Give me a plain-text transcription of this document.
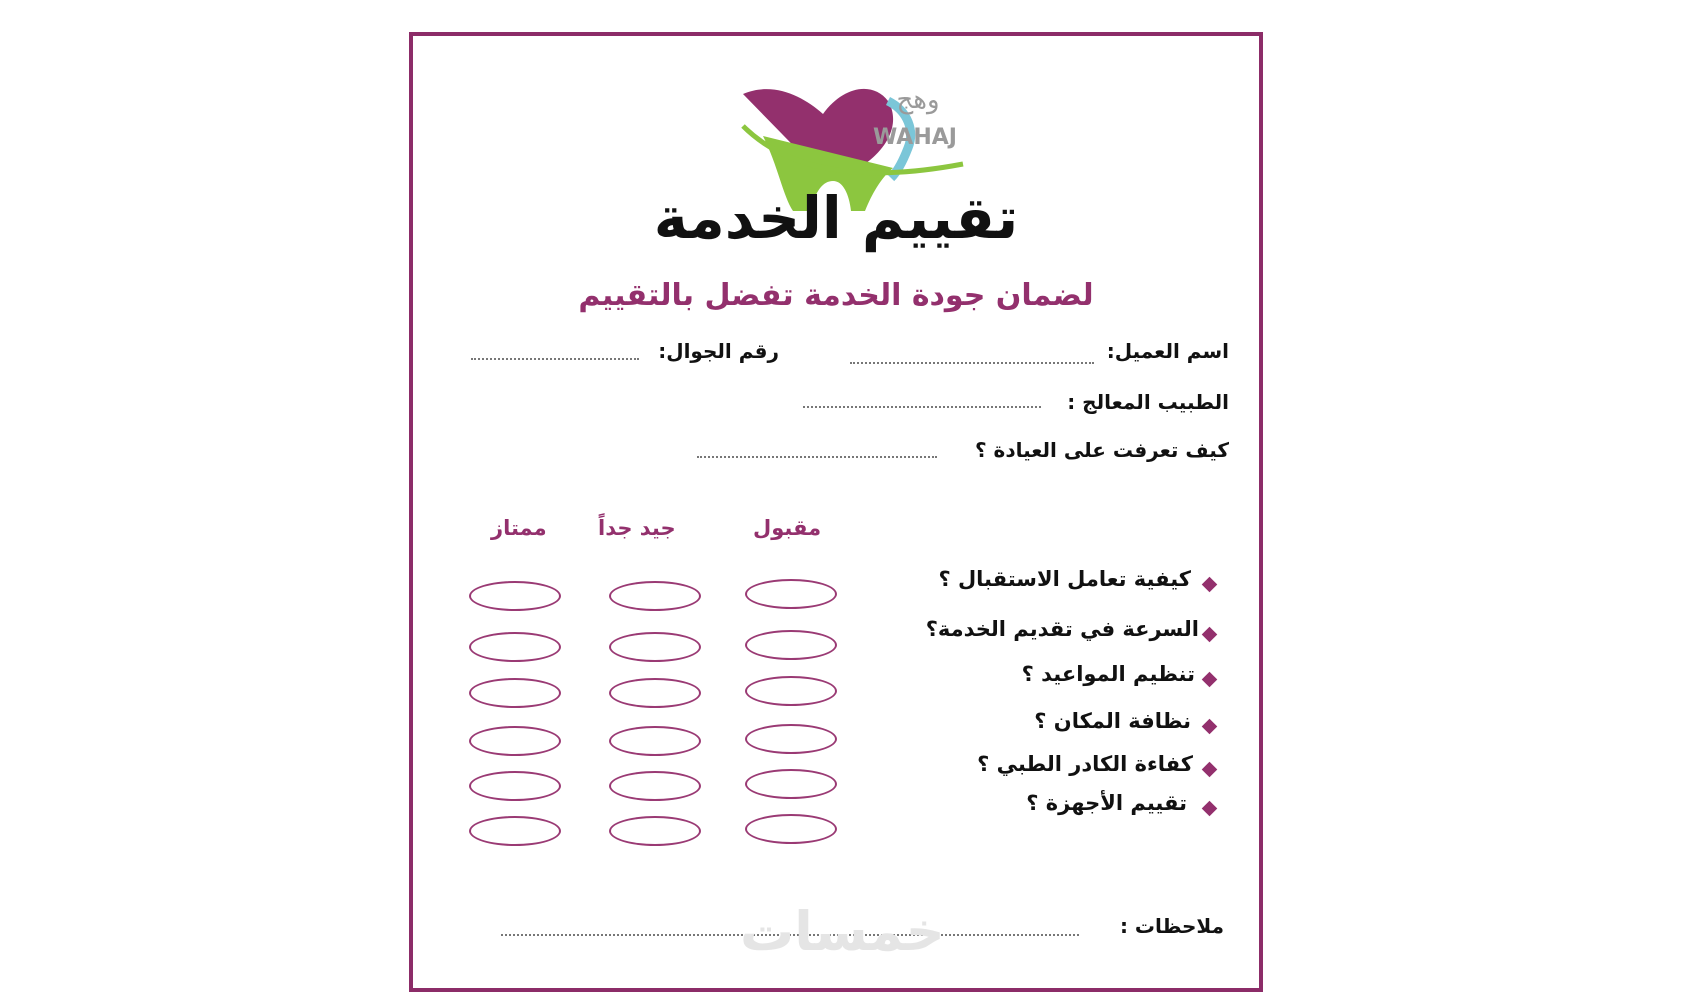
وهج
WAHAJ
تقييم الخدمة
لضمان جودة الخدمة تفضل بالتقييم
اسم العميل:
رقم الجوال:
الطبيب المعالج :
كيف تعرفت على العيادة ؟
مقبول
جيد جداً
ممتاز
كيفية تعامل الاستقبال ؟
السرعة في تقديم الخدمة؟
تنظيم المواعيد ؟
نظافة المكان ؟
كفاءة الكادر الطبي ؟
تقييم الأجهزة ؟
ملاحظات :
خمسات
